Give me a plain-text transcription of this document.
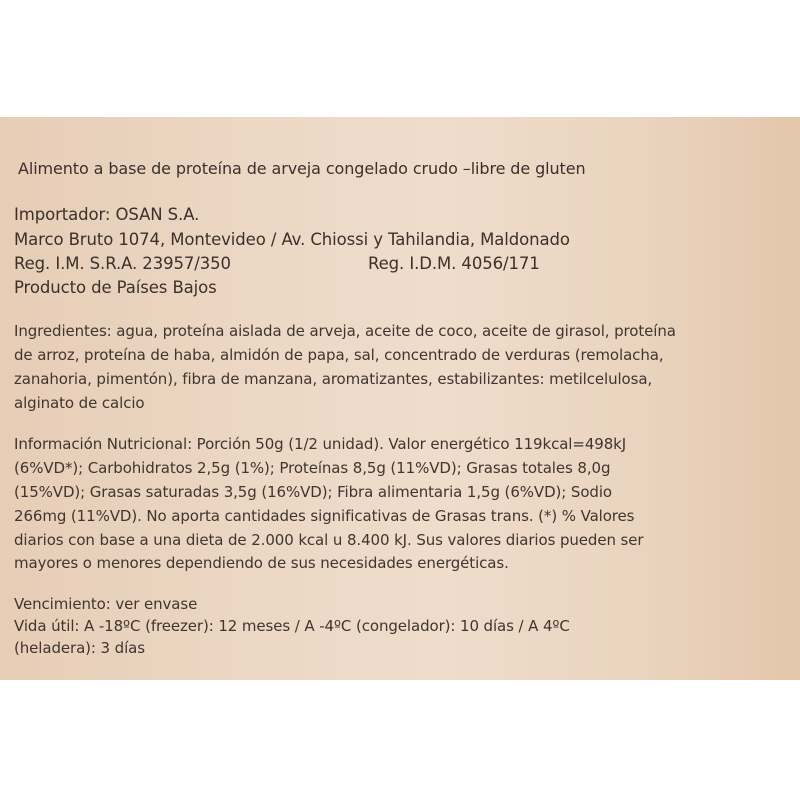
Alimento a base de proteína de arveja congelado crudo –libre de gluten
Importador: OSAN S.A.
Marco Bruto 1074, Montevideo / Av. Chiossi y Tahilandia, Maldonado
Reg. I.M. S.R.A. 23957/350	Reg. I.D.M. 4056/171
Producto de Países Bajos
Ingredientes: agua, proteína aislada de arveja, aceite de coco, aceite de girasol, proteína
de arroz, proteína de haba, almidón de papa, sal, concentrado de verduras (remolacha,
zanahoria, pimentón), fibra de manzana, aromatizantes, estabilizantes: metilcelulosa,
alginato de calcio
Información Nutricional: Porción 50g (1/2 unidad). Valor energético 119kcal=498kJ
(6%VD*); Carbohidratos 2,5g (1%); Proteínas 8,5g (11%VD); Grasas totales 8,0g
(15%VD); Grasas saturadas 3,5g (16%VD); Fibra alimentaria 1,5g (6%VD); Sodio
266mg (11%VD). No aporta cantidades significativas de Grasas trans. (*) % Valores
diarios con base a una dieta de 2.000 kcal u 8.400 kJ. Sus valores diarios pueden ser
mayores o menores dependiendo de sus necesidades energéticas.
Vencimiento: ver envase
Vida útil: A -18ºC (freezer): 12 meses / A -4ºC (congelador): 10 días / A 4ºC
(heladera): 3 días
